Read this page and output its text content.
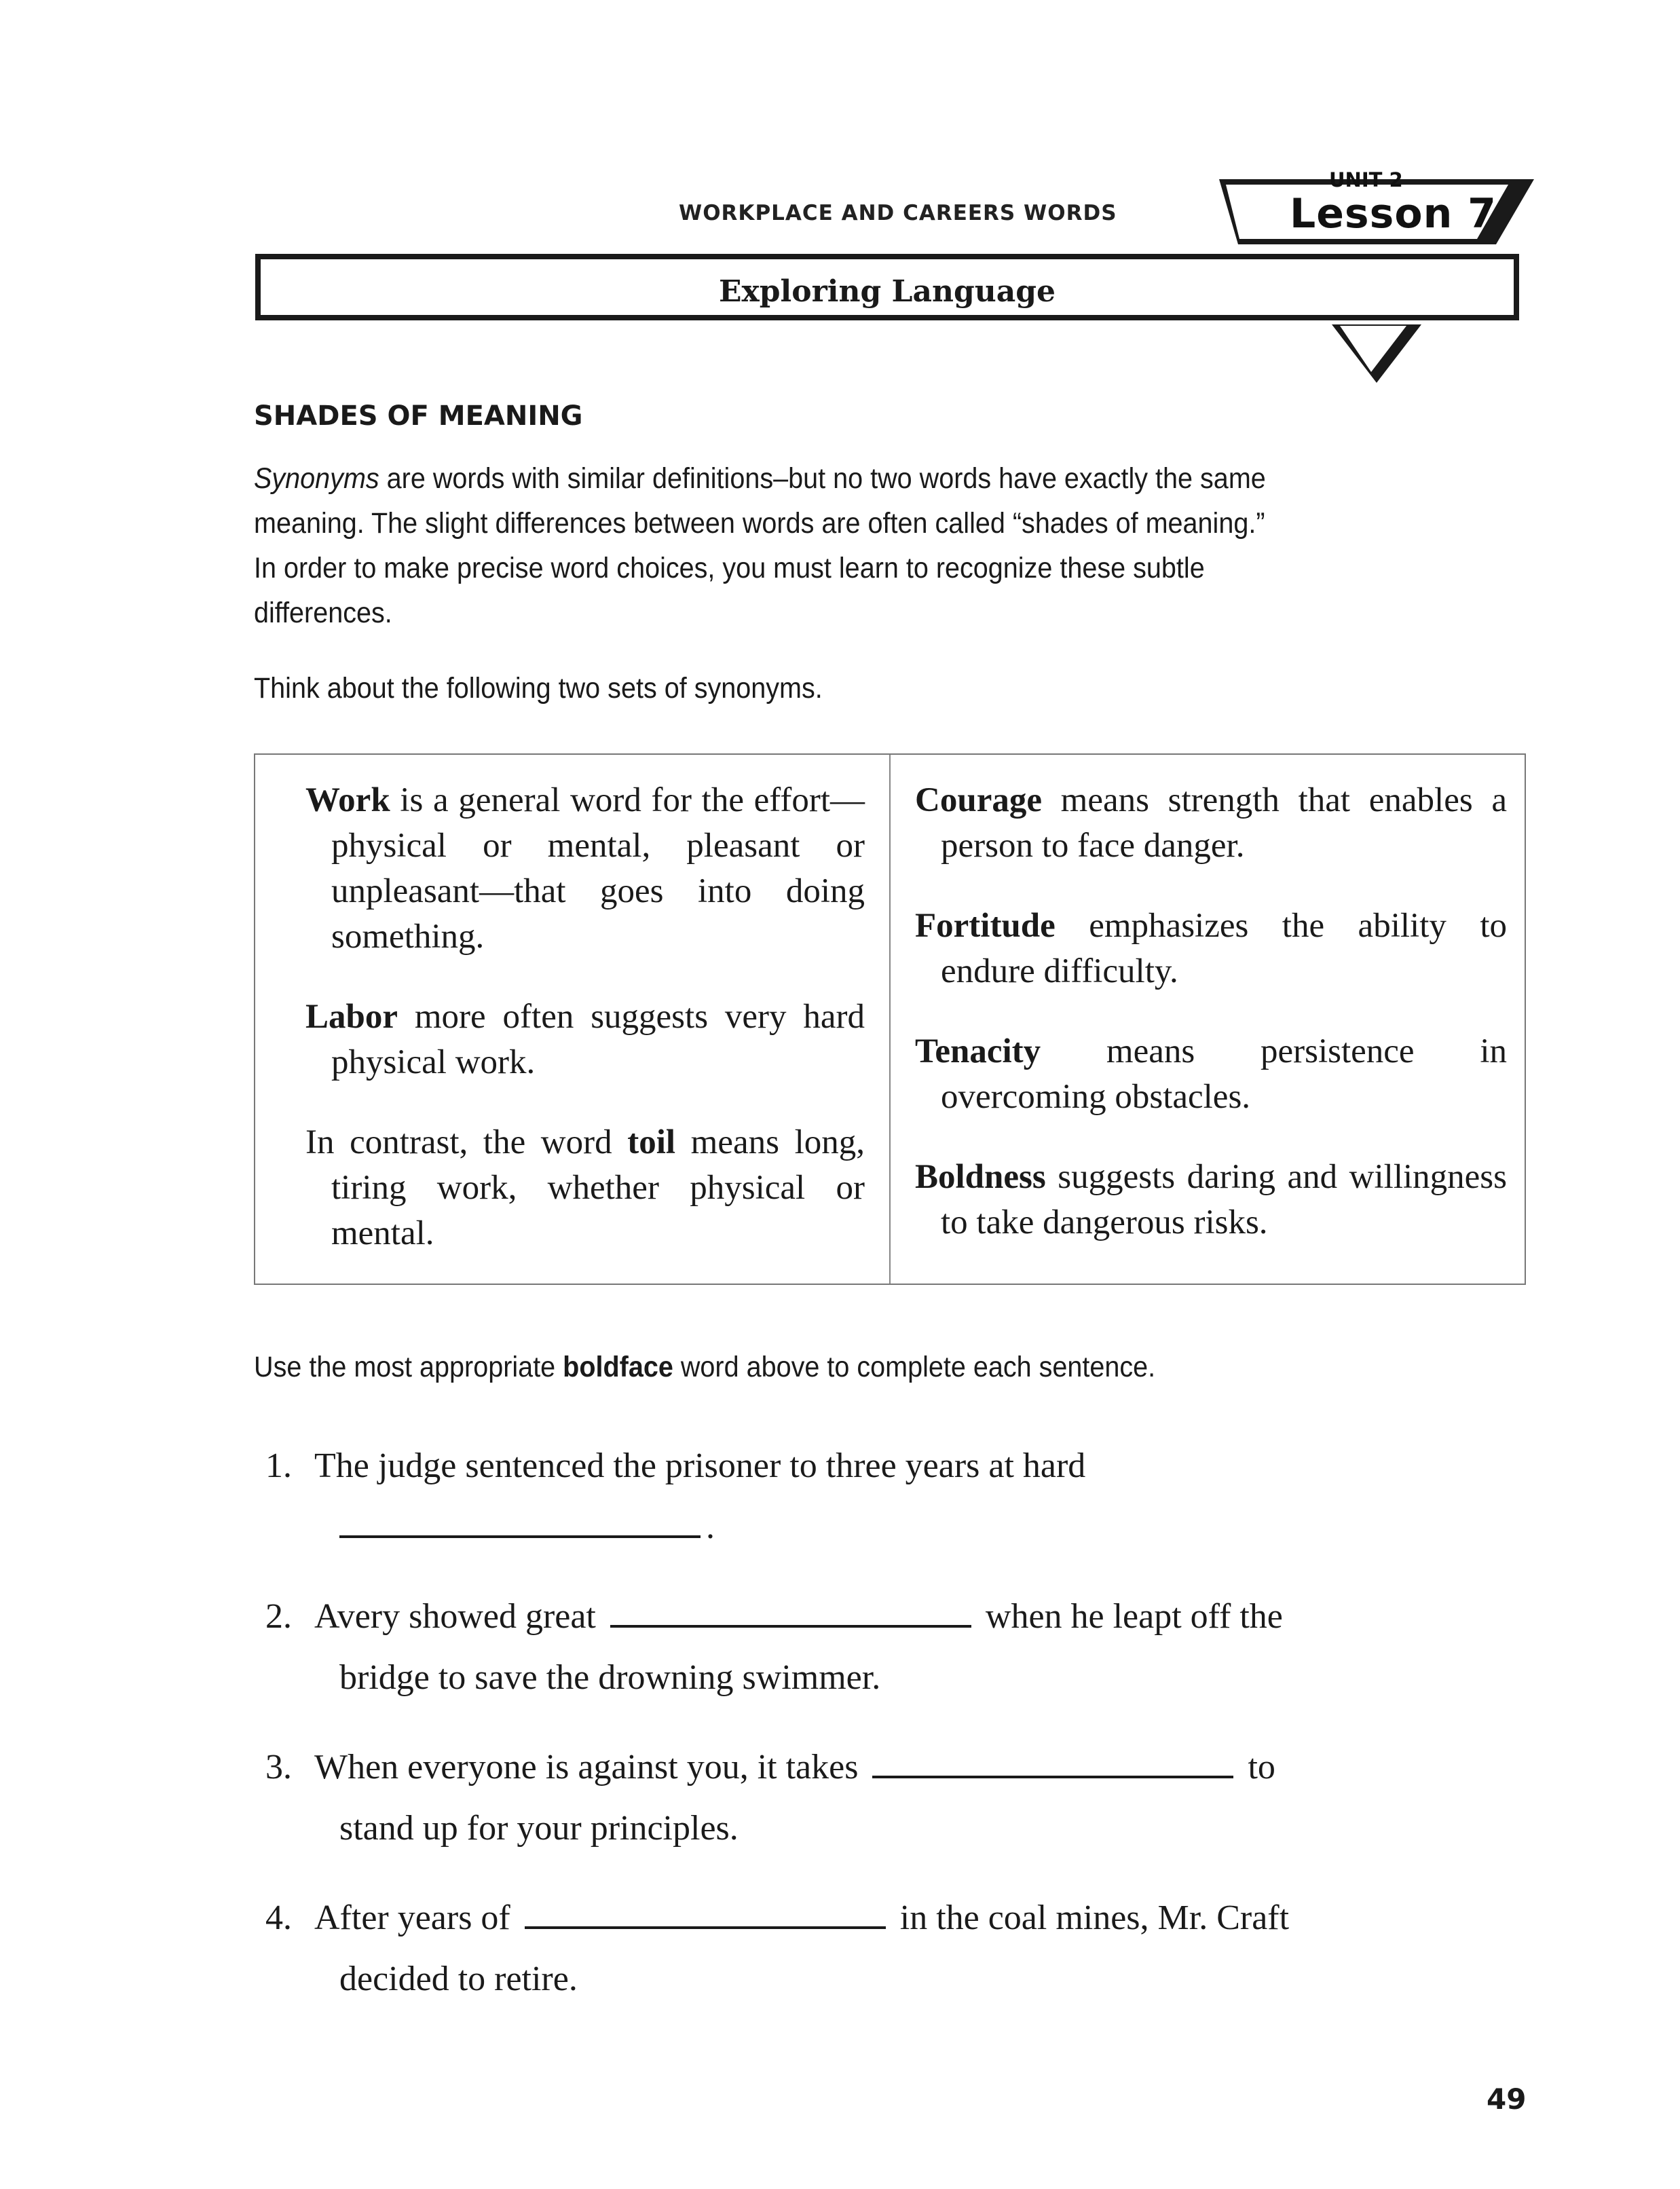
WORKPLACE AND CAREERS WORDS
UNIT 2
Lesson 7
Exploring Language
SHADES OF MEANING
Synonyms are words with similar definitions–but no two words have exactly the same meaning. The slight differences between words are often called “shades of meaning.” In order to make precise word choices, you must learn to recognize these subtle differences.
Think about the following two sets of synonyms.

Work is a general word for the effort—physical or mental, pleasant or unpleasant—that goes into doing something.

Labor more often suggests very hard physical work.

In contrast, the word toil means long, tiring work, whether physical or mental.

Courage means strength that enables a person to face danger.

Fortitude emphasizes the ability to endure difficulty.

Tenacity means persistence in overcoming obstacles.

Boldness suggests daring and willingness to take dangerous risks.

Use the most appropriate boldface word above to complete each sentence.
1. The judge sentenced the prisoner to three years at hard
.
2. Avery showed great	when he leapt off the
bridge to save the drowning swimmer.
3. When everyone is against you, it takes	to
stand up for your principles.
4. After years of	in the coal mines, Mr. Craft
decided to retire.
49
